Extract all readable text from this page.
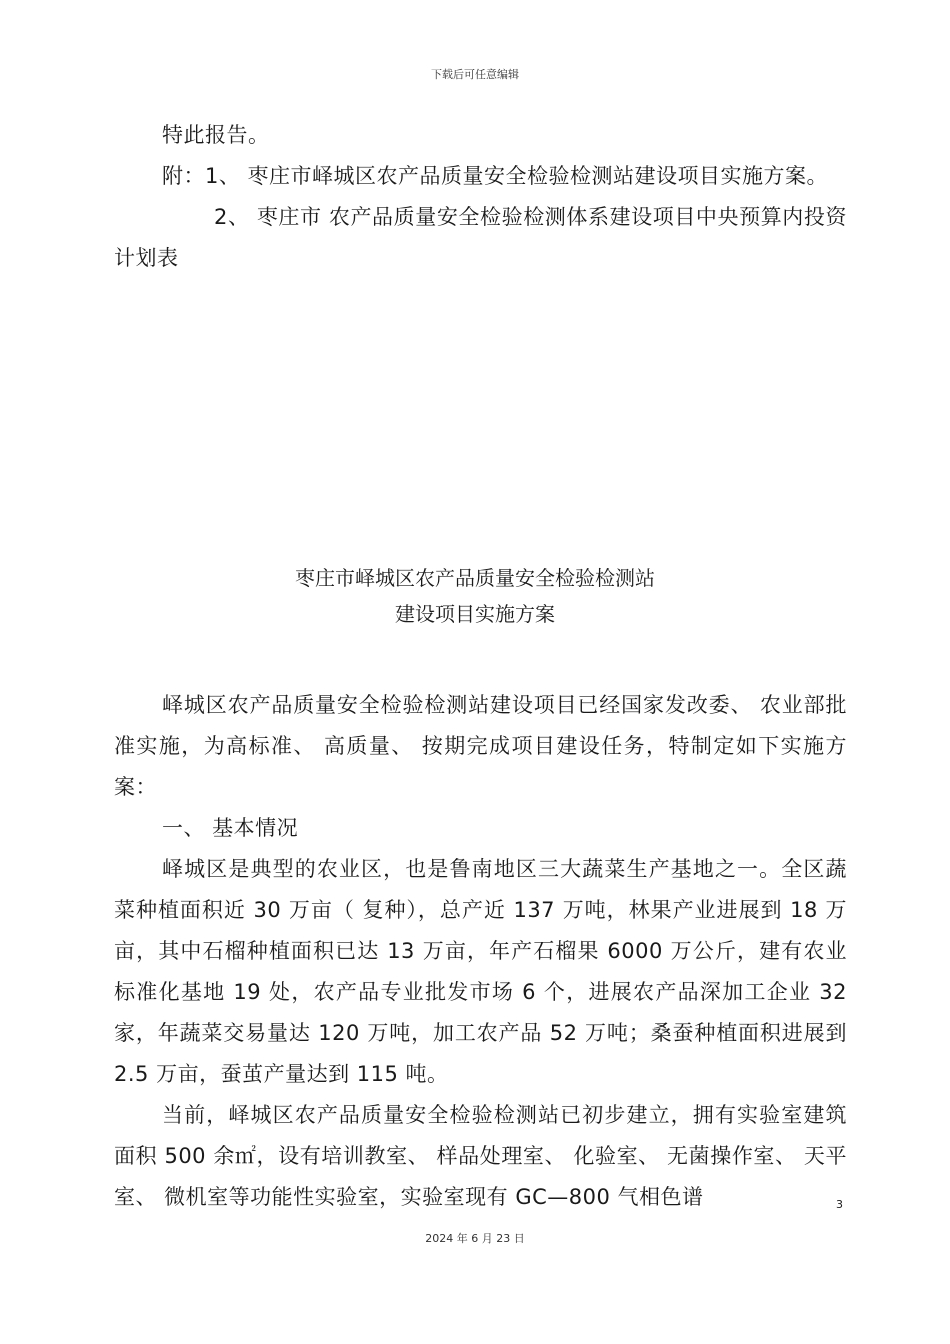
下载后可任意编辑

特此报告。

附：1、 枣庄市峄城区农产品质量安全检验检测站建设项目实施方案。

2、 枣庄市 农产品质量安全检验检测体系建设项目中央预算内投资计划表

枣庄市峄城区农产品质量安全检验检测站
建设项目实施方案

峄城区农产品质量安全检验检测站建设项目已经国家发改委、 农业部批准实施，为高标准、 高质量、 按期完成项目建设任务，特制定如下实施方案：

一、 基本情况

峄城区是典型的农业区，也是鲁南地区三大蔬菜生产基地之一。全区蔬菜种植面积近 30 万亩（ 复种），总产近 137 万吨，林果产业进展到 18 万亩，其中石榴种植面积已达 13 万亩，年产石榴果 6000 万公斤，建有农业标准化基地 19 处，农产品专业批发市场 6 个，进展农产品深加工企业 32 家，年蔬菜交易量达 120 万吨，加工农产品 52 万吨；桑蚕种植面积进展到 2.5 万亩，蚕茧产量达到 115 吨。

当前，峄城区农产品质量安全检验检测站已初步建立，拥有实验室建筑面积 500 余㎡，设有培训教室、 样品处理室、 化验室、 无菌操作室、 天平室、 微机室等功能性实验室，实验室现有 GC—800 气相色谱	3
2024 年 6 月 23 日
